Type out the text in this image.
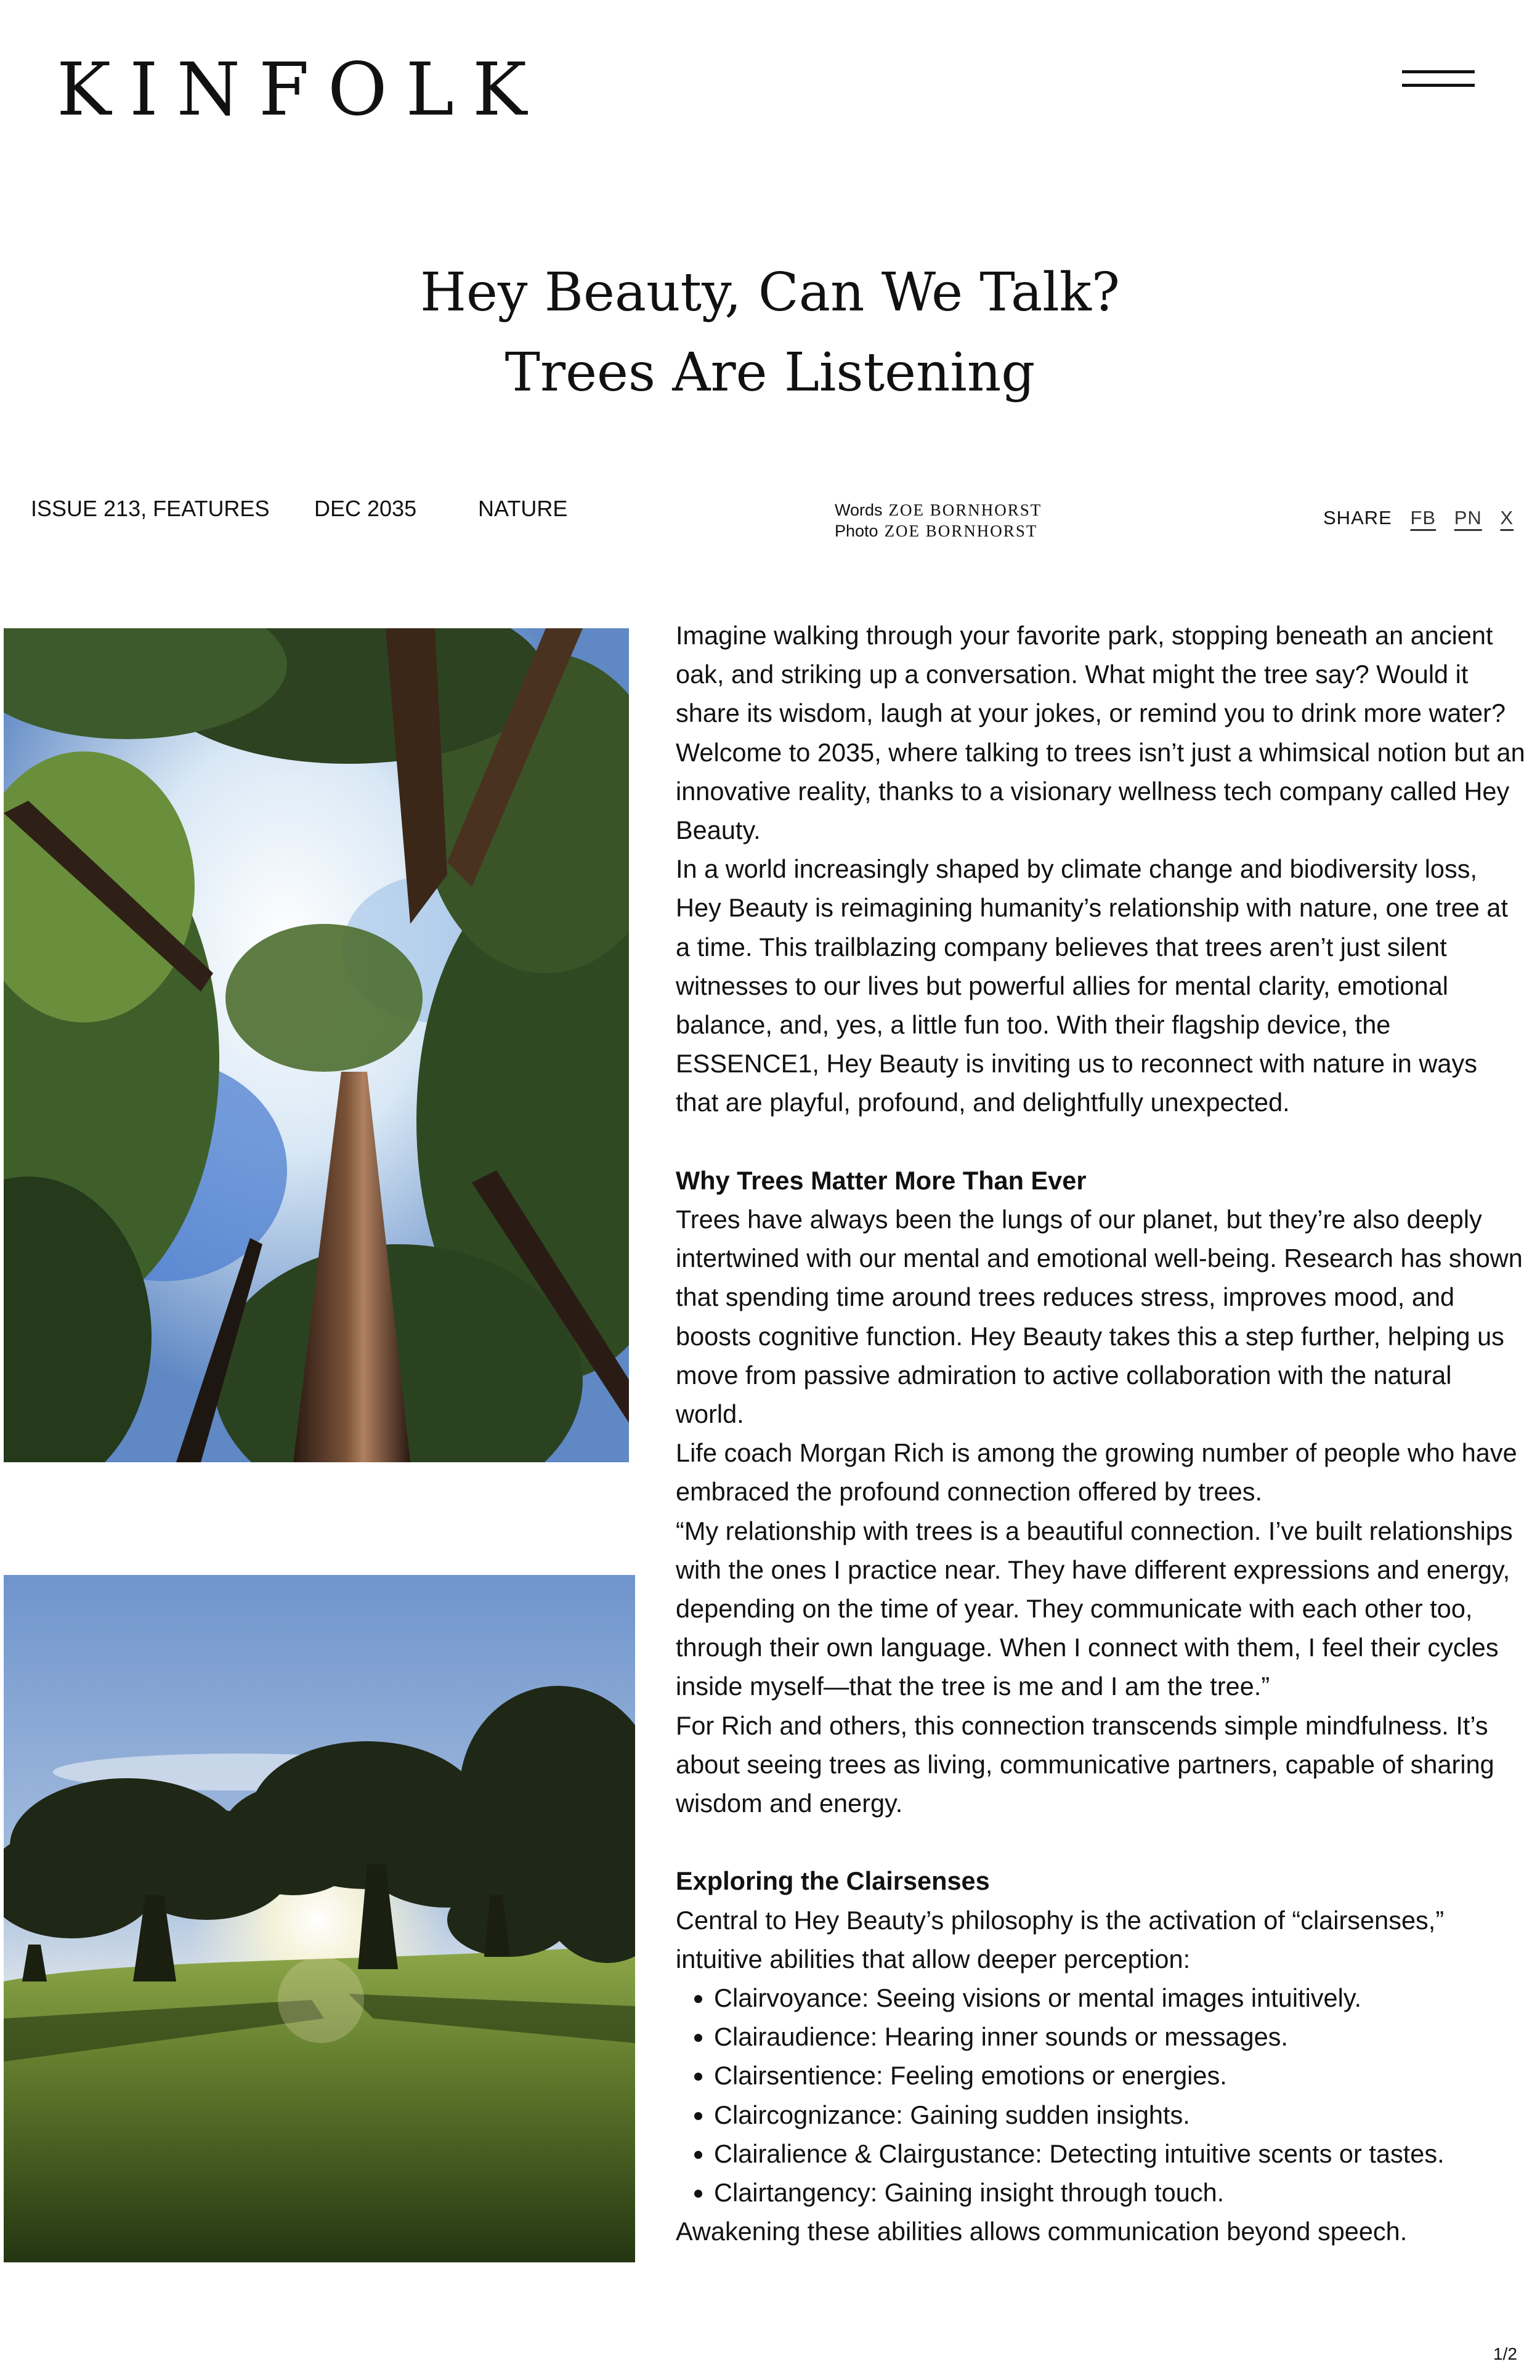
KINFOLK
Hey Beauty, Can We Talk?
Trees Are Listening
ISSUE 213, FEATURES DEC 2035	NATURE	Words ZOE BORNHORST
Photo ZOE BORNHORST
SHARE FB PN X

Imagine walking through your favorite park, stopping beneath an ancient oak, and striking up a conversation. What might the tree say? Would it share its wisdom, laugh at your jokes, or remind you to drink more water? Welcome to 2035, where talking to trees isn’t just a whimsical notion but an innovative reality, thanks to a visionary wellness tech company called Hey Beauty.

In a world increasingly shaped by climate change and biodiversity loss, Hey Beauty is reimagining humanity’s relationship with nature, one tree at a time. This trailblazing company believes that trees aren’t just silent witnesses to our lives but powerful allies for mental clarity, emotional balance, and, yes, a little fun too. With their flagship device, the ESSENCE1, Hey Beauty is inviting us to reconnect with nature in ways that are playful, profound, and delightfully unexpected.

Why Trees Matter More Than Ever

Trees have always been the lungs of our planet, but they’re also deeply intertwined with our mental and emotional well-being. Research has shown that spending time around trees reduces stress, improves mood, and boosts cognitive function. Hey Beauty takes this a step further, helping us move from passive admiration to active collaboration with the natural world.

Life coach Morgan Rich is among the growing number of people who have embraced the profound connection offered by trees.

“My relationship with trees is a beautiful connection. I’ve built relationships with the ones I practice near. They have different expressions and energy, depending on the time of year. They communicate with each other too, through their own language. When I connect with them, I feel their cycles inside myself—that the tree is me and I am the tree.”

For Rich and others, this connection transcends simple mindfulness. It’s about seeing trees as living, communicative partners, capable of sharing wisdom and energy.

Exploring the Clairsenses

Central to Hey Beauty’s philosophy is the activation of “clairsenses,” intuitive abilities that allow deeper perception:

• Clairvoyance: Seeing visions or mental images intuitively.
• Clairaudience: Hearing inner sounds or messages.
• Clairsentience: Feeling emotions or energies.
• Claircognizance: Gaining sudden insights.
• Clairalience & Clairgustance: Detecting intuitive scents or tastes.
• Clairtangency: Gaining insight through touch.

Awakening these abilities allows communication beyond speech.

1/2
